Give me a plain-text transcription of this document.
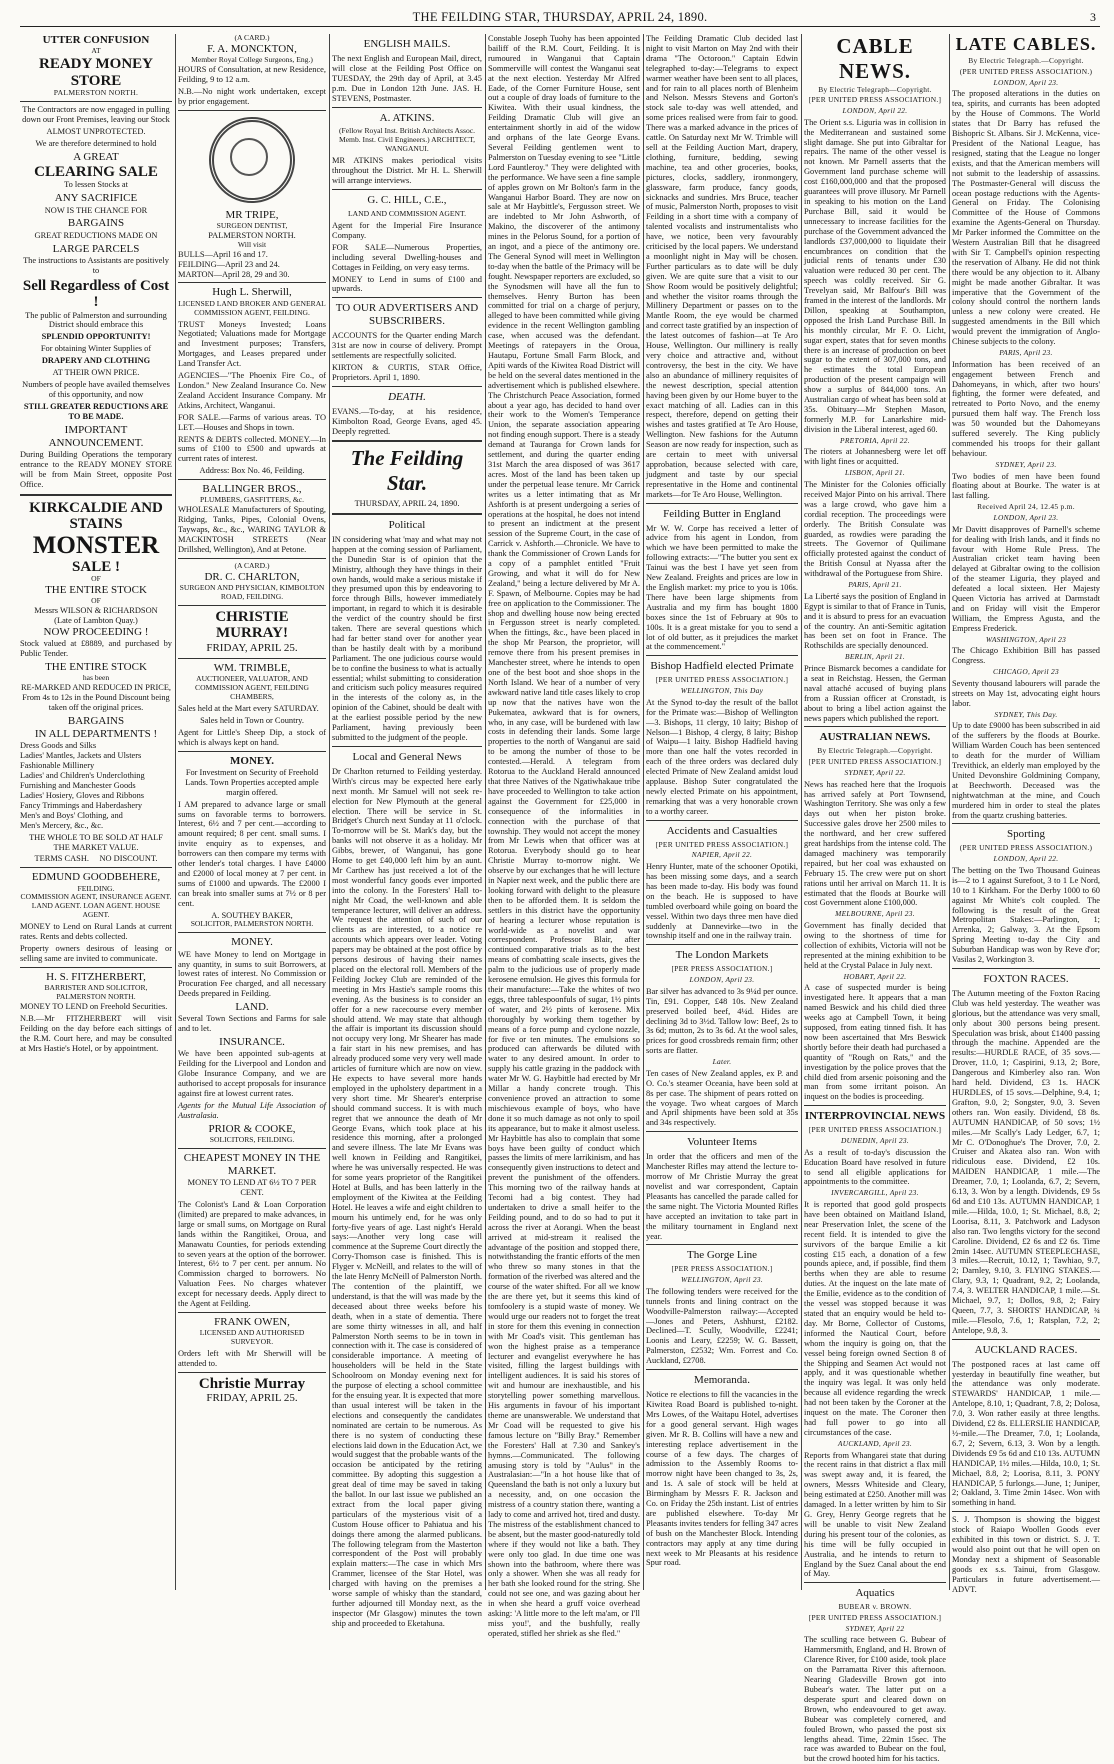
THE FEILDING STAR, THURSDAY, APRIL 24, 1890.	3
UTTER CONFUSION
AT
READY MONEY STORE
PALMERSTON NORTH.

The Contractors are now engaged in pulling down our Front Premises, leaving our Stock

ALMOST UNPROTECTED.

We are therefore determined to hold

A GREAT
CLEARING SALE

To lessen Stocks at

ANY SACRIFICE

NOW IS THE CHANCE FOR

BARGAINS

GREAT REDUCTIONS MADE ON

LARGE PARCELS

The instructions to Assistants are positively to

Sell Regardless of Cost !

The public of Palmerston and surrounding District should embrace this

SPLENDID OPPORTUNITY!

For obtaining Winter Supplies of

DRAPERY AND CLOTHING

AT THEIR OWN PRICE.

Numbers of people have availed themselves of this opportunity, and now

STILL GREATER REDUCTIONS ARE TO BE MADE.

IMPORTANT
ANNOUNCEMENT.

During Building Operations the temporary entrance to the READY MONEY STORE will be from Main Street, opposite Post Office.

KIRKCALDIE AND STAINS
MONSTER
SALE !
OF
THE ENTIRE STOCK
OF
Messrs WILSON & RICHARDSON
(Late of Lambton Quay.)
NOW PROCEEDING !

Stock valued at £8889, and purchased by Public Tender.

THE ENTIRE STOCK
has been
RE-MARKED AND REDUCED IN PRICE,

From 4s to 12s in the Pound Discount being taken off the original prices.

BARGAINS
IN ALL DEPARTMENTS !

Dress Goods and Silks
Ladies' Mantles, Jackets and Ulsters
Fashionable Millinery
Ladies' and Children's Underclothing
Furnishing and Manchester Goods
Ladies' Hosiery, Gloves and Ribbons
Fancy Trimmings and Haberdashery
Men's and Boys' Clothing, and
Men's Mercery, &c., &c.

THE WHOLE TO BE SOLD AT HALF THE MARKET VALUE.

TERMS CASH.     NO DISCOUNT.

EDMUND GOODBEHERE,
FEILDING.

COMMISSION AGENT, INSURANCE AGENT. LAND AGENT. LOAN AGENT. HOUSE AGENT.

MONEY to Lend on Rural Lands at current rates. Rents and debts collected.

Property owners desirous of leasing or selling same are invited to communicate.

H. S. FITZHERBERT,
BARRISTER AND SOLICITOR,
PALMERSTON NORTH.

MONEY TO LEND on Freehold Securities.

N.B.—Mr FITZHERBERT will visit Feilding on the day before each sittings of the R.M. Court here, and may be consulted at Mrs Hastie's Hotel, or by appointment.

(A CARD.)
F. A. MONCKTON,
Member Royal College Surgeons, Eng.)

HOURS of Consultation, at new Residence, Feilding, 9 to 12 a.m.

N.B.—No night work undertaken, except by prior engagement.

MR TRIPE,
SURGEON DENTIST,
PALMERSTON NORTH.
Will visit

BULLS—April 16 and 17.
FEILDING—April 23 and 24.
MARTON—April 28, 29 and 30.

Hugh L. Sherwill,

LICENSED LAND BROKER AND GENERAL COMMISSION AGENT, FEILDING.

TRUST Moneys Invested; Loans Negotiated; Valuations made for Mortgage and Investment purposes; Transfers, Mortgages, and Leases prepared under Land Transfer Act.

AGENCIES—"The Phoenix Fire Co., of London." New Zealand Insurance Co. New Zealand Accident Insurance Company. Mr Atkins, Architect, Wanganui.

FOR SALE.—Farms of various areas. TO LET.—Houses and Shops in town.

RENTS & DEBTS collected. MONEY.—In sums of £100 to £500 and upwards at current rates of interest.

Address: Box No. 46, Feilding.

BALLINGER BROS.,
PLUMBERS, GASFITTERS, &c.

WHOLESALE Manufacturers of Spouting, Ridging, Tanks, Pipes, Colonial Ovens, Taywaps, &c., &c., WARING TAYLOR & MACKINTOSH STREETS (Near Drillshed, Wellington), And at Petone.

(A CARD.)
DR. C. CHARLTON,

SURGEON AND PHYSICIAN, KIMBOLTON ROAD, FEILDING.

CHRISTIE MURRAY!
FRIDAY, APRIL 25.
WM. TRIMBLE,

AUCTIONEER, VALUATOR, AND COMMISSION AGENT, FEILDING CHAMBERS,

Sales held at the Mart every SATURDAY.

Sales held in Town or Country.

Agent for Little's Sheep Dip, a stock of which is always kept on hand.

MONEY.

For Investment on Security of Freehold Lands. Town Properties accepted ample margin offered.

I AM prepared to advance large or small sums on favorable terms to borrowers. Interest, 6½ and 7 per cent.—according to amount required; 8 per cent. small sums. I invite enquiry as to expenses, and borrowers can then compare my terms with other lender's total charges. I have £4000 and £2000 of local money at 7 per cent. in sums of £1000 and upwards. The £2000 I can break into smaller sums at 7½ or 8 per cent.

A. SOUTHEY BAKER,
SOLICITOR, PALMERSTON NORTH.
MONEY.

WE have Money to lend on Mortgage in any quantity, in sums to suit Borrowers, at lowest rates of interest. No Commission or Procuration Fee charged, and all necessary Deeds prepared in Feilding.

LAND.

Several Town Sections and Farms for sale and to let.

INSURANCE.

We have been appointed sub-agents at Feilding for the Liverpool and London and Globe Insurance Company, and we are authorised to accept proposals for insurance against fire at lowest current rates.

Agents for the Mutual Life Association of Australasia.

PRIOR & COOKE,
SOLICITORS, FEILDING.
CHEAPEST MONEY IN THE MARKET.

MONEY TO LEND AT 6½ TO 7 PER CENT.

The Colonist's Land & Loan Corporation (limited) are prepared to make advances, in large or small sums, on Mortgage on Rural lands within the Rangitikei, Oroua, and Manawatu Counties, for periods extending to seven years at the option of the borrower. Interest, 6½ to 7 per cent. per annum. No Commission charged to borrowers. No Valuation Fees. No charges whatever except for necessary deeds. Apply direct to the Agent at Feilding.

FRANK OWEN,

LICENSED AND AUTHORISED SURVEYOR.

Orders left with Mr Sherwill will be attended to.

Christie Murray
FRIDAY, APRIL 25.
ENGLISH MAILS.

The next English and European Mail, direct, will close at the Feilding Post Office on TUESDAY, the 29th day of April, at 3.45 p.m. Due in London 12th June. JAS. H. STEVENS, Postmaster.

A. ATKINS.

(Fellow Royal Inst. British Architects Assoc. Memb. Inst. Civil Engineers.) ARCHITECT, WANGANUI.

MR ATKINS makes periodical visits throughout the District. Mr H. L. Sherwill will arrange interviews.

G. C. HILL, C.E.,

LAND AND COMMISSION AGENT.

Agent for the Imperial Fire Insurance Company.

FOR SALE—Numerous Properties, including several Dwelling-houses and Cottages in Feilding, on very easy terms.

MONEY to Lend in sums of £100 and upwards.

TO OUR ADVERTISERS AND SUBSCRIBERS.

ACCOUNTS for the Quarter ending March 31st are now in course of delivery. Prompt settlements are respectfully solicited.

KIRTON & CURTIS, STAR Office, Proprietors. April 1, 1890.

DEATH.

EVANS.—To-day, at his residence, Kimbolton Road, George Evans, aged 45. Deeply regretted.

The Feilding Star.
THURSDAY, APRIL 24, 1890.
Political

IN considering what 'may and what may not happen at the coming session of Parliament, the Dunedin Star is of opinion that the Ministry, although they have things in their own hands, would make a serious mistake if they presumed upon this by endeavoring to force through Bills, however immediately important, in regard to which it is desirable the verdict of the country should be first taken. There are several questions which had far better stand over for another year than be hastily dealt with by a moribund Parliament. The one judicious course would be to confine the business to what is actually essential; whilst submitting to consideration and criticism such policy measures required in the interests of the colony as, in the opinion of the Cabinet, should be dealt with at the earliest possible period by the new Parliament, having previously been submitted to the judgment of the people.

Local and General News

Dr Charlton returned to Feilding yesterday. Wirth's circus may be expected here early next month. Mr Samuel will not seek re-election for New Plymouth at the general election. There will be service in St. Bridget's Church next Sunday at 11 o'clock. To-morrow will be St. Mark's day, but the banks will not observe it as a holiday. Mr Gibbs, brewer, of Wanganui, has gone Home to get £40,000 left him by an aunt. Mr Carthew has just received a lot of the most wonderful fancy goods ever imported into the colony. In the Foresters' Hall to-night Mr Coad, the well-known and able temperance lecturer, will deliver an address. We request the attention of such of our clients as are interested, to a notice re accounts which appears over leader. Voting papers may be obtained at the post office by persons desirous of having their names placed on the electoral roll. Members of the Feilding Jockey Club are reminded of the meeting in Mrs Hastie's sample rooms this evening. As the business is to consider an offer for a new racecourse every member should attend. We may state that although the affair is important its discussion should not occupy very long. Mr Shearer has made a fair start in his new premises, and has already produced some very very well made articles of furniture which are now on view. He expects to have several more hands employed in the upholstery department in a very short time. Mr Shearer's enterprise should command success. It is with much regret that we announce the death of Mr George Evans, which took place at his residence this morning, after a prolonged and severe illness. The late Mr Evans was well known in Feilding and Rangitikei, where he was universally respected. He was for some years proprietor of the Rangitikei Hotel at Bulls, and has been latterly in the employment of the Kiwitea at the Feilding Hotel. He leaves a wife and eight children to mourn his untimely end, for he was only forty-five years of age. Last night's Herald says:—Another very long case will commence at the Supreme Court directly the Corry-Thomson case is finished. This is Flyger v. McNeill, and relates to the will of the late Henry McNeill of Palmerston North. The contention of the plaintiff, we understand, is that the will was made by the deceased about three weeks before his death, when in a state of dementia. There are some thirty witnesses in all, and half Palmerston North seems to be in town in connection with it. The case is considered of considerable importance. A meeting of householders will be held in the State Schoolroom on Monday evening next for the purpose of electing a school committee for the ensuing year. It is expected that more than usual interest will be taken in the elections and consequently the candidates nominated are certain to be numerous. As there is no system of conducting these elections laid down in the Education Act, we would suggest that the probable wants of the occasion be anticipated by the retiring committee. By adopting this suggestion a great deal of time may be saved in taking the ballot. In our last issue we published an extract from the local paper giving particulars of the mysterious visit of a Custom House officer to Pahiatua and his doings there among the alarmed publicans. The following telegram from the Masterton correspondent of the Post will probably explain matters:—The case in which Mrs Crammer, licensee of the Star Hotel, was charged with having on the premises a worse sample of whisky than the standard, further adjourned till Monday next, as the inspector (Mr Glasgow) minutes the town ship and proceeded to Eketahuna.

Constable Joseph Tuohy has been appointed bailiff of the R.M. Court, Feilding. It is rumoured in Wanganui that Captain Sommerville will contest the Wanganui seat at the next election. Yesterday Mr Alfred Eade, of the Corner Furniture House, sent out a couple of dray loads of furniture to the Kiwitea. With their usual kindness, the Feilding Dramatic Club will give an entertainment shortly in aid of the widow and orphans of the late George Evans. Several Feilding gentlemen went to Palmerston on Tuesday evening to see "Little Lord Fauntleroy." They were delighted with the performance. We have seen a fine sample of apples grown on Mr Bolton's farm in the Wanganui Harbor Board. They are now on sale at Mr Haybittle's, Fergusson street. We are indebted to Mr John Ashworth, of Makino, the discoverer of the antimony mines in the Pelorus Sound, for a portion of an ingot, and a piece of the antimony ore. The General Synod will meet in Wellington to-day when the battle of the Primacy will be fought. Newspaper reporters are excluded, so the Synodsmen will have all the fun to themselves. Henry Burton has been committed for trial on a charge of perjury, alleged to have been committed while giving evidence in the recent Wellington gambling case, when accused was the defendant. Meetings of ratepayers in the Oroua, Hautapu, Fortune Small Farm Block, and Apiti wards of the Kiwitea Road District will be held on the several dates mentioned in the advertisement which is published elsewhere. The Christchurch Peace Association, formed about a year ago, has decided to hand over their work to the Women's Temperance Union, the separate association appearing not finding enough support. There is a steady demand at Tauranga for Crown lands for settlement, and during the quarter ending 31st March the area disposed of was 3617 acres. Most of the land has been taken up under the perpetual lease tenure. Mr Carrick writes us a letter intimating that as Mr Ashforth is at present undergoing a series of operations at the hospital, he does not intend to present an indictment at the present session of the Supreme Court, in the case of Carrick v. Ashforth.—Chronicle. We have to thank the Commissioner of Crown Lands for a copy of a pamphlet entitled "Fruit Growing, and what it will do for New Zealand," being a lecture delivered by Mr A. F. Spawn, of Melbourne. Copies may be had free on application to the Commissioner. The shop and dwelling house now being erected in Fergusson street is nearly completed. When the fittings, &c., have been placed in the shop Mr Pearson, the proprietor, will remove there from his present premises in Manchester street, where he intends to open one of the best boot and shoe shops in the North Island. We hear of a number of very awkward native land title cases likely to crop up now that the natives have won the Pukematea, awkward that is for owners, who, in any case, will be burdened with law costs in defending their lands. Some large properties to the north of Wanganui are said to be among the number of those to be contested.—Herald. A telegram from Rotorua to the Auckland Herald announced that three Natives of the Ngatiwhakaue tribe have proceeded to Wellington to take action against the Government for £25,000 in consequence of the informalities in connection with the purchase of that township. They would not accept the money from Mr Lewis when that officer was at Rotorua. Everybody should go to hear Christie Murray to-morrow night. We observe by our exchanges that he will lecture in Napier next week, and the public there are looking forward with delight to the pleasure then to be afforded them. It is seldom the settlers in this district have the opportunity of hearing a lecturer whose reputation is world-wide as a novelist and war correspondent. Professor Blair, after continued comparative trials as to the best means of combatting scale insects, gives the palm to the judicious use of properly made kerosene emulsion. He gives this formula for their manufacture:—Take the whites of two eggs, three tablespoonfuls of sugar, 1½ pints of water, and 2½ pints of kerosene. Mix thoroughly by working them together by means of a force pump and cyclone nozzle, for five or ten minutes. The emulsions so produced can afterwards be diluted with water to any desired amount. In order to supply his cattle grazing in the paddock with water Mr W. G. Haybittle had erected by Mr Millar a handy concrete trough. This convenience proved an attraction to some mischievous example of boys, who have done it so much damage as not only to spoil its appearance, but to make it almost useless. Mr Haybittle has also to complain that some boys have been guilty of conduct which passes the limits of mere larrikinism, and has consequently given instructions to detect and prevent the punishment of the offenders. This morning two of the railway hands at Tecomi had a big contest. They had undertaken to drive a small heifer to the Feilding pound, and to do so had to put it across the river at Aorangi. When the beast arrived at mid-stream it realised the advantage of the position and stopped there, notwithstanding the frantic efforts of the men who threw so many stones in that the formation of the riverbed was altered and the course of the water shifted. For all we know the are there yet, but it seems this kind of tomfoolery is a stupid waste of money. We would urge our readers not to forget the treat in store for them this evening in connection with Mr Coad's visit. This gentleman has won the highest praise as a temperance lecturer and evangelist everywhere he has visited, filling the largest buildings with intelligent audiences. It is said his stores of wit and humour are inexhaustible, and his storytelling power something marvellous. His arguments in favour of his important theme are unanswerable. We understand that Mr Coad will be requested to give his famous lecture on "Billy Bray." Remember the Foresters' Hall at 7.30 and Sankey's hymns.—Communicated. The following amusing story is told by "Aulus" in the Australasian:—"In a hot house like that of Queensland the bath is not only a luxury but a necessity, and, on one occasion the mistress of a country station there, wanting a lady to come and arrived hot, tired and dusty. The mistress of the establishment chanced to be absent, but the master good-naturedly told where if they would not like a bath. They were only too glad. In due time one was shown into the bathroom, where there was only a shower. When she was all ready for her bath she looked round for the string. She could not see one, and was gazing about her in when she heard a gruff voice overhead asking: 'A little more to the left ma'am, or I'll miss you!', and the bushfully, really operated, stifled her shriek as she fled."

The Feilding Dramatic Club decided last night to visit Marton on May 2nd with their drama "The Octoroon." Captain Edwin telegraphed to-day:—Telegrams to expect warmer weather have been sent to all places, and for rain to all places north of Blenheim and Nelson. Messrs Stevens and Gorton's stock sale to-day was well attended, and some prices realised were from fair to good. There was a marked advance in the prices of cattle. On Saturday next Mr W. Trimble will sell at the Feilding Auction Mart, drapery, clothing, furniture, bedding, sewing machine, tea and other groceries, books, pictures, clocks, saddlery, ironmongery, glassware, farm produce, fancy goods, sicknacks and sundries. Mrs Bruce, teacher of music, Palmerston North, proposes to visit Feilding in a short time with a company of talented vocalists and instrumentalists who have, we notice, been very favourably criticised by the local papers. We understand a moonlight night in May will be chosen. Further particulars as to date will be duly given. We are quite sure that a visit to our Show Room would be positively delightful; and whether the visitor roams through the Millinery Department or passes on to the Mantle Room, the eye would be charmed and correct taste gratified by an inspection of the latest outcomes of fashion—at Te Aro House, Wellington. Our millinery is really very choice and attractive and, without controversy, the best in the city. We have also an abundance of millinery requisites of the newest description, special attention having been given by our Home buyer to the exact matching of all. Ladies can in this respect, therefore, depend on getting their wishes and tastes gratified at Te Aro House, Wellington. New fashions for the Autumn Season are now ready for inspection, such as are certain to meet with universal approbation, because selected with care, judgment and taste by our special representative in the Home and continental markets—for Te Aro House, Wellington.

Feilding Butter in England

Mr W. W. Corpe has received a letter of advice from his agent in London, from which we have been permitted to make the following extracts:—"The butter you sent ex Tainui was the best I have yet seen from New Zealand. Freights and prices are low in the English market: my price to you is 106s. There have been large shipments from Australia and my firm has bought 1800 boxes since the 1st of February at 90s to 100s. It is a great mistake for you to send a lot of old butter, as it prejudices the market at the commencement."

Bishop Hadfield elected Primate
[PER UNITED PRESS ASSOCIATION.]
WELLINGTON, This Day

At the Synod to-day the result of the ballot for the Primate was:—Bishop of Wellington—3. Bishops, 11 clergy, 10 laity; Bishop of Nelson—1 Bishop, 4 clergy, 8 laity; Bishop of Waipu—1 laity. Bishop Hadfield having more than one half the votes recorded in each of the three orders was declared duly elected Primate of New Zealand amidst loud applause. Bishop Suter congratulated the newly elected Primate on his appointment, remarking that was a very honorable crown to a worthy career.

Accidents and Casualties
[PER UNITED PRESS ASSOCIATION.]
NAPIER, April 22.

Henry Hunter, mate of the schooner Opotiki, has been missing some days, and a search has been made to-day. His body was found on the beach. He is supposed to have tumbled overboard while going on board the vessel. Within two days three men have died suddenly at Dannevirke—two in the township itself and one in the railway train.

The London Markets
[PER PRESS ASSOCIATION.]
LONDON, April 23.

Bar silver has advanced to 3s 9¼d per ounce. Tin, £91. Copper, £48 10s. New Zealand preserved boiled beef, 4¼d. Hides are declining 3d to 3½d. Tallow low: Beef, 2s to 3s 6d; mutton, 2s to 3s 6d. At the wool sales, prices for good crossbreds remain firm; other sorts are flatter.

Later.

Ten cases of New Zealand apples, ex P. and O. Co.'s steamer Oceania, have been sold at 8s per case. The shipment of pears rotted on the voyage. Two wheat cargoes of March and April shipments have been sold at 35s and 34s respectively.

Volunteer Items

In order that the officers and men of the Manchester Rifles may attend the lecture to-morrow of Mr Christie Murray the great novelist and war correspondent, Captain Pleasants has cancelled the parade called for the same night. The Victoria Mounted Rifles have accepted an invitation to take part in the military tournament in England next year.

The Gorge Line
[PER PRESS ASSOCIATION.]
WELLINGTON, April 23.

The following tenders were received for the tunnels fronts and lining contract on the Woodville-Palmerston railway:—Accepted—Jones and Peters, Ashhurst, £2182. Declined—T. Scully, Woodville, £2241; Loonis and Leary, £2259; W. G. Bassett, Palmerston, £2532; Wm. Forrest and Co. Auckland, £2708.

Memoranda.

Notice re elections to fill the vacancies in the Kiwitea Road Board is published to-night. Mrs Lowes, of the Waitapu Hotel, advertises for a good general servant. High wages given. Mr R. B. Collins will have a new and interesting replace advertisement in the course of a few days. The charges of admission to the Assembly Rooms to-morrow night have been changed to 3s, 2s, and 1s. A sale of stock will be held at Birmingham by Messrs F. R. Jackson and Co. on Friday the 25th instant. List of entries are published elsewhere. To-day Mr Pleasants invites tenders for felling 347 acres of bush on the Manchester Block. Intending contractors may apply at any time during next week to Mr Pleasants at his residence Spur road.

CABLE NEWS.
By Electric Telegraph—Copyright.
[PER UNITED PRESS ASSOCIATION.]
LONDON, April 22.

The Orient s.s. Liguria was in collision in the Mediterranean and sustained some slight damage. She put into Gibraltar for repairs. The name of the other vessel is not known. Mr Parnell asserts that the Government land purchase scheme will cost £160,000,000 and that the proposed guarantees will prove illusory. Mr Parnell in speaking to his motion on the Land Purchase Bill, said it would be unnecessary to increase facilities for the purchase of the Government advanced the landlords £37,000,000 to liquidate their encumbrances on condition that the judicial rents of tenants under £30 valuation were reduced 30 per cent. The speech was coldly received. Sir G. Trevelyan said, Mr Balfour's Bill was framed in the interest of the landlords. Mr Dillon, speaking at Southampton, opposed the Irish Land Purchase Bill. In his monthly circular, Mr F. O. Licht, sugar expert, states that for seven months there is an increase of production on beet sugar to the extent of 307,000 tons, and he estimates the total European production of the present campaign will show a surplus of 844,000 tons. An Australian cargo of wheat has been sold at 35s. Obituary—Mr Stephen Mason, formerly M.P. for Lanarkshire mid-division in the Liberal interest, aged 60.

PRETORIA, April 22.

The rioters at Johannesberg were let off with light fines or acquitted.

LISBON, April 21.

The Minister for the Colonies officially received Major Pinto on his arrival. There was a large crowd, who gave him a cordial reception. The proceedings were orderly. The British Consulate was guarded, as rowdies were parading the streets. The Governor of Quilimane officially protested against the conduct of the British Consul at Nyassa after the withdrawal of the Portuguese from Shire.

PARIS, April 21.

La Liberté says the position of England in Egypt is similar to that of France in Tunis, and it is absurd to press for an evacuation of the country. An anti-Semitic agitation has been set on foot in France. The Rothschilds are specially denounced.

BERLIN, April 21.

Prince Bismarck becomes a candidate for a seat in Reichstag. Hessen, the German naval attaché accused of buying plans from a Russian officer at Cronstadt, is about to bring a libel action against the news papers which published the report.

AUSTRALIAN NEWS.
By Electric Telegraph.—Copyright.
[PER UNITED PRESS ASSOCIATION.]
SYDNEY, April 22.

News has reached here that the Iroquois has arrived safely at Port Townsend, Washington Territory. She was only a few days out when her piston broke. Successive gales drove her 2500 miles to the northward, and her crew suffered great hardships from the intense cold. The damaged machinery was temporarily repaired, but her coal was exhausted on February 15. The crew were put on short rations until her arrival on March 11. It is estimated that the floods at Bourke will cost Government alone £100,000.

MELBOURNE, April 23.

Government has finally decided that owing to the shortness of time for collection of exhibits, Victoria will not be represented at the mining exhibition to be held at the Crystal Palace in July next.

HOBART, April 22.

A case of suspected murder is being investigated here. It appears that a man named Beswick and his child died three weeks ago at Campbell Town, it being supposed, from eating tinned fish. It has now been ascertained that Mrs Beswick shortly before their death had purchased a quantity of "Rough on Rats," and the investigation by the police proves that the child died from arsenic poisoning and the man from some irritant poison. An inquest on the bodies is proceeding.

INTERPROVINCIAL NEWS
[PER UNITED PRESS ASSOCIATION.]
DUNEDIN, April 23.

As a result of to-day's discussion the Education Board have resolved in future to send all eligible applications for appointments to the committee.

INVERCARGILL, April 23.

It is reported that good gold prospects have been obtained on Maitland Island, near Preservation Inlet, the scene of the recent field. It is intended to give the survivors of the barque Emilie a kit costing £15 each, a donation of a few pounds apiece, and, if possible, find them berths when they are able to resume duties. At the inquest on the late mate of the Emilie, evidence as to the condition of the vessel was stopped because it was stated that an enquiry would be held to-day. Mr Borne, Collector of Customs, informed the Nautical Court, before whom the inquiry is going on, that the vessel being foreign owned Section 8 of the Shipping and Seamen Act would not apply, and it was questionable whether the inquiry was legal. It was only held because all evidence regarding the wreck had not been taken by the Coroner at the inquest on the mate. The Coroner then had full power to go into all circumstances of the case.

AUCKLAND, April 23.

Reports from Whangarei state that during the recent rains in that district a flax mill was swept away and, it is feared, the owners, Messrs Whiteside and Cleary, being estimated at £250. Another mill was damaged. In a letter written by him to Sir G. Grey, Henry George regrets that he will be unable to visit New Zealand during his present tour of the colonies, as his time will be fully occupied in Australia, and he intends to return to England by the Suez Canal about the end of May.

Aquatics
BUBEAR v. BROWN.
[PER UNITED PRESS ASSOCIATION.]
SYDNEY, April 22

The sculling race between G. Bubear of Hammersmith, England, and H. Brown of Clarence River, for £100 aside, took place on the Parramatta River this afternoon. Nearing Gladesville Brown got into Bubear's water. The latter put on a desperate spurt and cleared down on Brown, who endeavoured to get away. Bubear was completely cornered, and fouled Brown, who passed the post six lengths ahead. Time, 22min 15sec. The race was awarded to Bubear on the foul, but the crowd hooted him for his tactics.

LATE CABLES.
By Electric Telegraph.—Copyright.
(PER UNITED PRESS ASSOCIATION.)
LONDON, April 23.

The proposed alterations in the duties on tea, spirits, and currants has been adopted by the House of Commons. The World states that Dr Barry has refused the Bishopric St. Albans. Sir J. McKenna, vice-President of the National League, has resigned, stating that the League no longer exists, and that the American members will not submit to the leadership of assassins. The Postmaster-General will discuss the ocean postage reductions with the Agents-General on Friday. The Colonising Committee of the House of Commons examine the Agents-General on Thursday. Mr Parker informed the Committee on the Western Australian Bill that he disagreed with Sir T. Campbell's opinion respecting the reservation of Albany. He did not think there would be any objection to it. Albany might be made another Gibraltar. It was imperative that the Government of the colony should control the northern lands unless a new colony were created. He suggested amendments in the Bill which would prevent the immigration of Anglo-Chinese subjects to the colony.

PARIS, April 23.

Information has been received of an engagement between French and Dahomeyans, in which, after two hours' fighting, the former were defeated, and retreated to Porto Novo, and the enemy pursued them half way. The French loss was 50 wounded but the Dahomeyans suffered severely. The King publicly commended his troops for their gallant behaviour.

SYDNEY, April 23.

Two bodies of men have been found floating about at Bourke. The water is at last falling.

Received April 24, 12.45 p.m.
LONDON, April 23.

Mr Davitt disapproves of Parnell's scheme for dealing with Irish lands, and it finds no favour with Home Rule Press. The Australian cricket team having been delayed at Gibraltar owing to the collision of the steamer Liguria, they played and defeated a local sixteen. Her Majesty Queen Victoria has arrived at Darmstadt and on Friday will visit the Emperor William, the Empress Agusta, and the Empress Frederick.

WASHINGTON, April 23

The Chicago Exhibition Bill has passed Congress.

CHICAGO, April 23

Seventy thousand labourers will parade the streets on May 1st, advocating eight hours labor.

SYDNEY, This Day.

Up to date £9000 has been subscribed in aid of the sufferers by the floods at Bourke. William Warden Couch has been sentenced to death for the murder of William Trevithick, an elderly man employed by the United Devonshire Goldmining Company, at Beechworth. Deceased was the nightwatchman at the mine, and Couch murdered him in order to steal the plates from the quartz crushing batteries.

Sporting
(PER UNITED PRESS ASSOCIATION.)
LONDON, April 22.

The betting on the Two Thousand Guineas is—2 to 1 against Surefoot, 3 to 1 Le Nord, 10 to 1 Kirkham. For the Derby 1000 to 60 against Mr White's colt coupled. The following is the result of the Great Metropolitan Stakes:—Parlington, 1; Arrenka, 2; Galway, 3. At the Epsom Spring Meeting to-day the City and Suburban Handicap was won by Reve d'or; Vasilas 2, Workington 3.

FOXTON RACES.

The Autumn meeting of the Foxton Racing Club was held yesterday. The weather was glorious, but the attendance was very small, only about 300 persons being present. Speculation was brisk, about £1400 passing through the machine. Appended are the results:—HURDLE RACE, of 35 sovs.—Drover, 11.0, 1; Caspirini, 9.13, 2; Bore, Dangerous and Kimberley also ran. Won hard held. Dividend, £3 1s. HACK HURDLES, of 15 sovs.—Delphine, 9.4, 1; Grafton, 9.0, 2; Songster, 9.0, 3. Seven others ran. Won easily. Dividend, £8 8s. AUTUMN HANDICAP, of 50 sovs; 1½ miles.—Mr Scally's Lady Ledger, 6.7, 1; Mr C. O'Donoghue's The Drover, 7.0, 2. Cruiser and Akatea also ran. Won with ridiculous ease. Dividend, £2 10s. MAIDEN HANDICAP, 1 mile.—The Dreamer, 7.0, 1; Loolanda, 6.7, 2; Severn, 6.13, 3. Won by a length. Dividends, £9 5s 6d and £10 13s. AUTUMN HANDICAP, 1 mile.—Hilda, 10.0, 1; St. Michael, 8.8, 2; Loorisa, 8.11, 3. Patchwork and Ladyson also ran. Two lengths victory for the second Caroline. Dividend, £2 6s and £2 6s. Time 2min 14sec. AUTUMN STEEPLECHASE, 3 miles.—Recruit, 10.12, 1; Tawhiao, 9.7, 2; Darnley, 9.10, 3. FLYING STAKES.—Clary, 9.3, 1; Quadrant, 9.2, 2; Loolanda, 7.4, 3. WELTER HANDICAP, 1 mile.—St. Michael, 9.7, 1; Dollos, 9.8, 2; Fairy Queen, 7.7, 3. SHORTS' HANDICAP, ¾ mile.—Flesolo, 7.6, 1; Ratsplan, 7.2, 2; Antelope, 9.8, 3.

AUCKLAND RACES.

The postponed races at last came off yesterday in beautifully fine weather, but the attendance was only moderate. STEWARDS' HANDICAP, 1 mile.—Antelope, 8.10, 1; Quadrant, 7.8, 2; Dolosa, 7.0, 3. Won rather easily at three lengths. Dividend, £2 8s. ELLERSLIE HANDICAP, ½-mile.—The Dreamer, 7.0, 1; Loolanda, 6.7, 2; Severn, 6.13, 3. Won by a length. Dividends £9 5s 6d and £10 13s. AUTUMN HANDICAP, 1½ miles.—Hilda, 10.0, 1; St. Michael, 8.8, 2; Loorisa, 8.11, 3. PONY HANDICAP, 5 furlongs.—June, 1; Juniper, 2; Oakland, 3. Time 2min 14sec. Won with something in hand.

S. J. Thompson is showing the biggest stock of Raiapo Woollen Goods ever exhibited in this town or district. S. J. T. would also point out that he will open on Monday next a shipment of Seasonable goods ex s.s. Tainui, from Glasgow. Particulars in future advertisement.—ADVT.
